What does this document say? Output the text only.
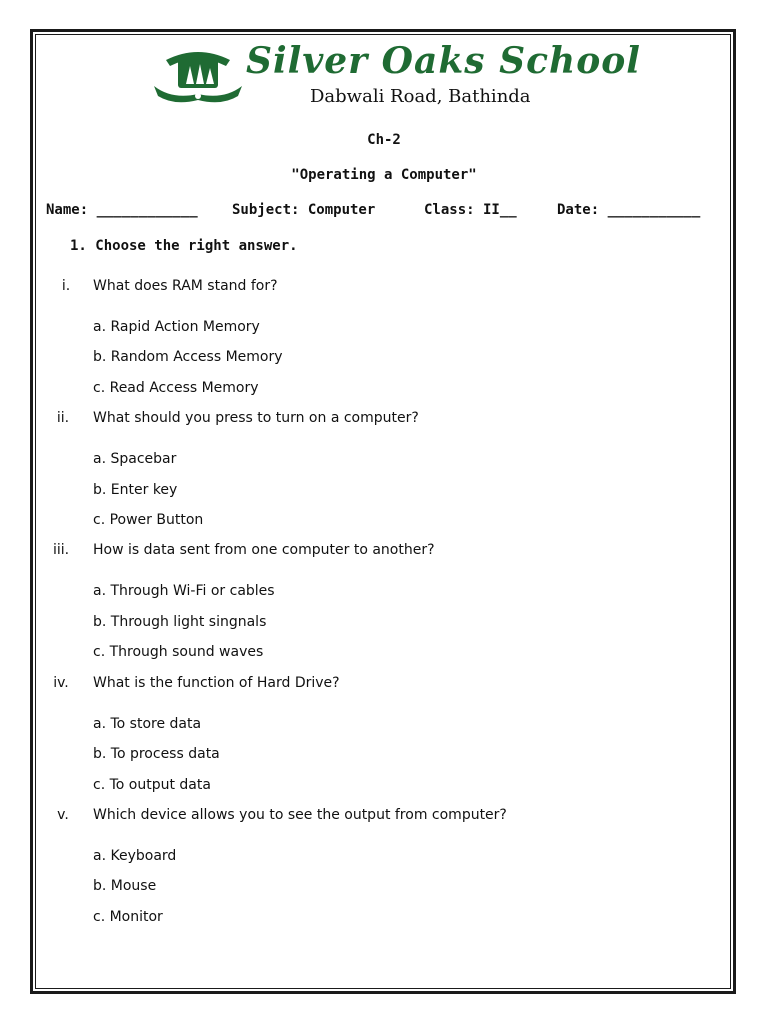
Silver Oaks School
Dabwali Road, Bathinda
Ch-2
"Operating a Computer"
Name: ____________ Subject: Computer	Class: II__	Date: ___________
1. Choose the right answer.
i.	What does RAM stand for?
a. Rapid Action Memory
b. Random Access Memory
c. Read Access Memory
ii.	What should you press to turn on a computer?
a. Spacebar
b. Enter key
c. Power Button
iii.	How is data sent from one computer to another?
a. Through Wi-Fi or cables
b. Through light singnals
c. Through sound waves
iv.	What is the function of Hard Drive?
a. To store data
b. To process data
c. To output data
v.	Which device allows you to see the output from computer?
a. Keyboard
b. Mouse
c. Monitor
